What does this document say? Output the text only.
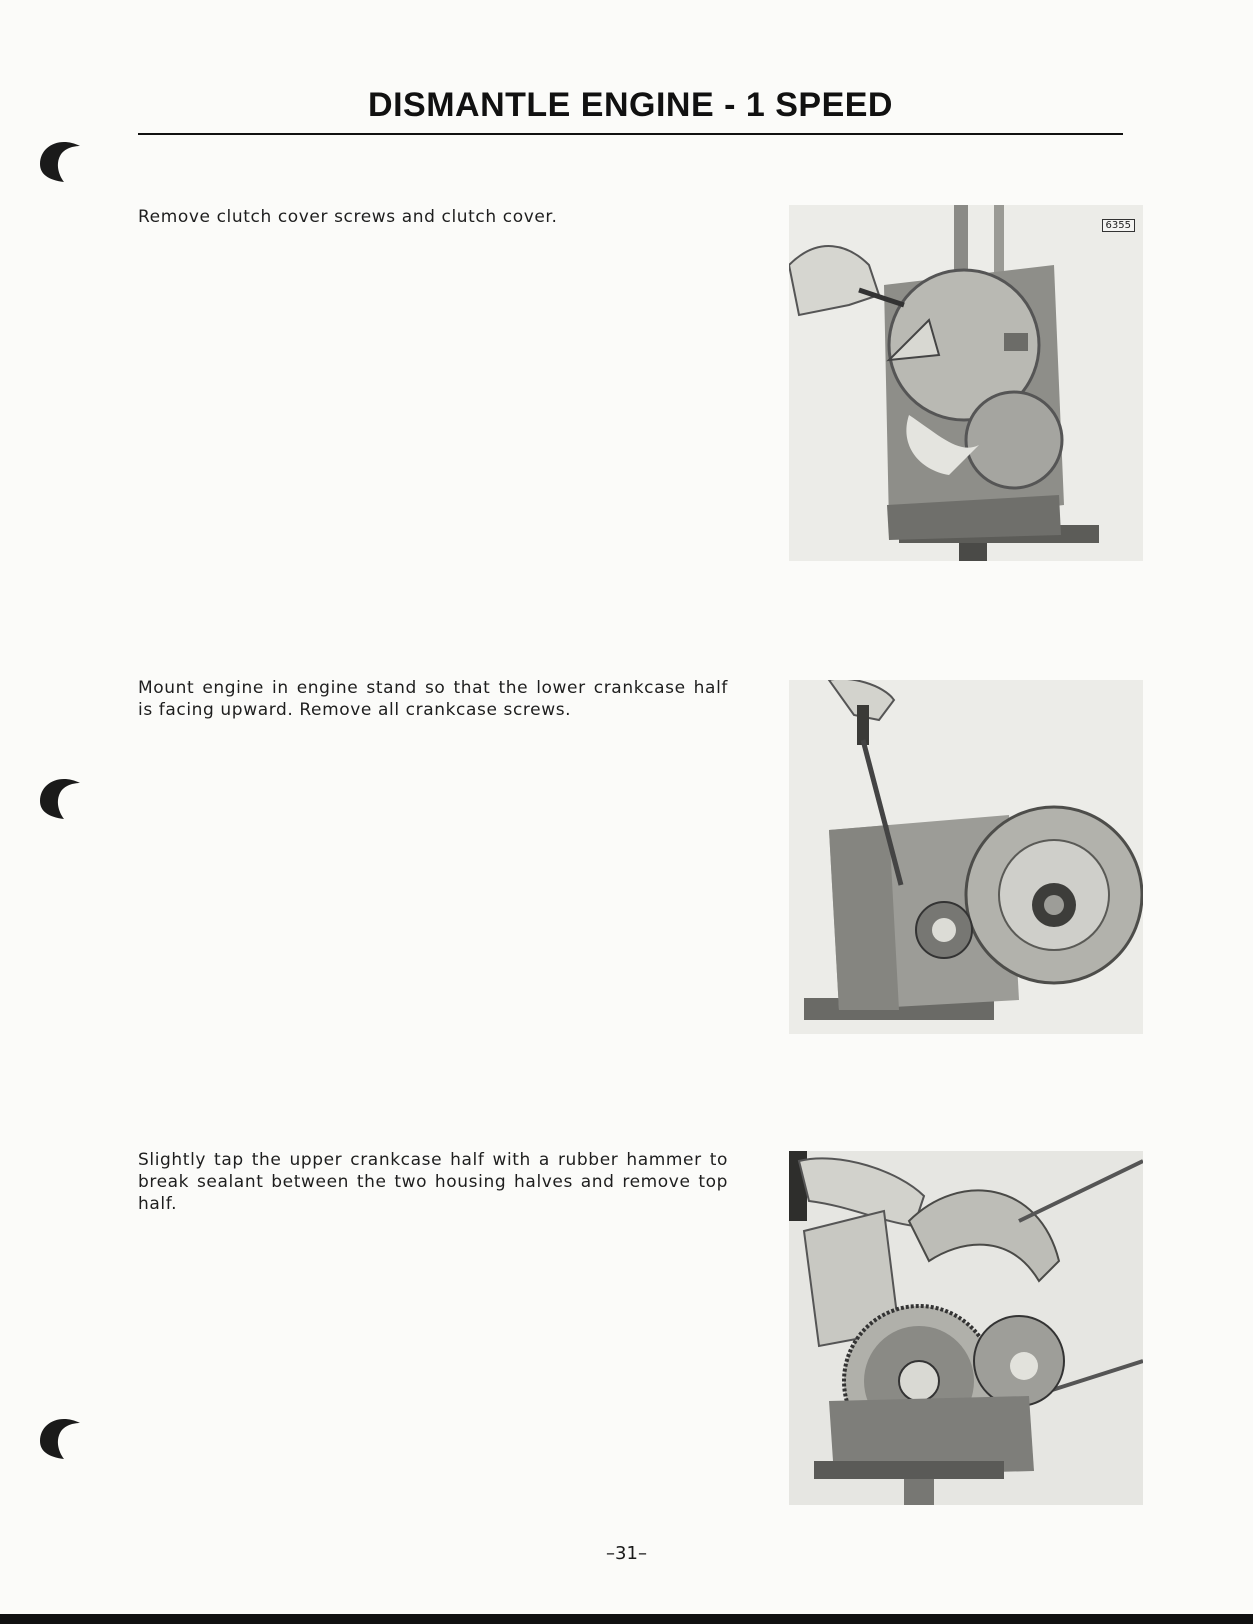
DISMANTLE ENGINE - 1 SPEED

Remove clutch cover screws and clutch cover.	6355

Mount engine in engine stand so that the lower crankcase half is facing upward. Remove all crankcase screws.

Slightly tap the upper crankcase half with a rubber hammer to break sealant between the two housing halves and remove top half.

–31–
